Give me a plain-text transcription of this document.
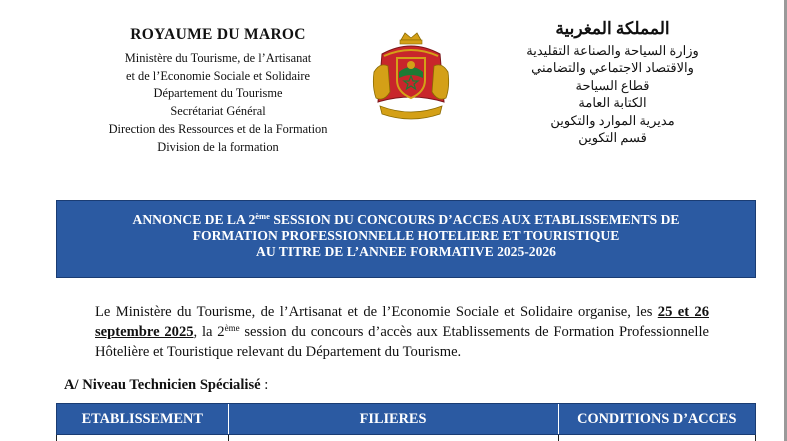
ROYAUME DU MAROC
Ministère du Tourisme, de l’Artisanat
et de l’Economie Sociale et Solidaire
Département du Tourisme
Secrétariat Général
Direction des Ressources et de la Formation
Division de la formation
المملكة المغربية
وزارة السياحة والصناعة التقليدية
والاقتصاد الاجتماعي والتضامني
قطاع السياحة
الكتابة العامة
مديرية الموارد والتكوين
قسم التكوين
ANNONCE DE LA 2ème SESSION DU CONCOURS D’ACCES AUX ETABLISSEMENTS DE
FORMATION PROFESSIONNELLE HOTELIERE ET TOURISTIQUE
AU TITRE DE L’ANNEE FORMATIVE 2025-2026

Le Ministère du Tourisme, de l’Artisanat et de l’Economie Sociale et Solidaire organise, les 25 et 26 septembre 2025, la 2ème session du concours d’accès aux Etablissements de Formation Professionnelle Hôtelière et Touristique relevant du Département du Tourisme.

A/ Niveau Technicien Spécialisé :
ETABLISSEMENT	FILIERES	CONDITIONS D’ACCES
